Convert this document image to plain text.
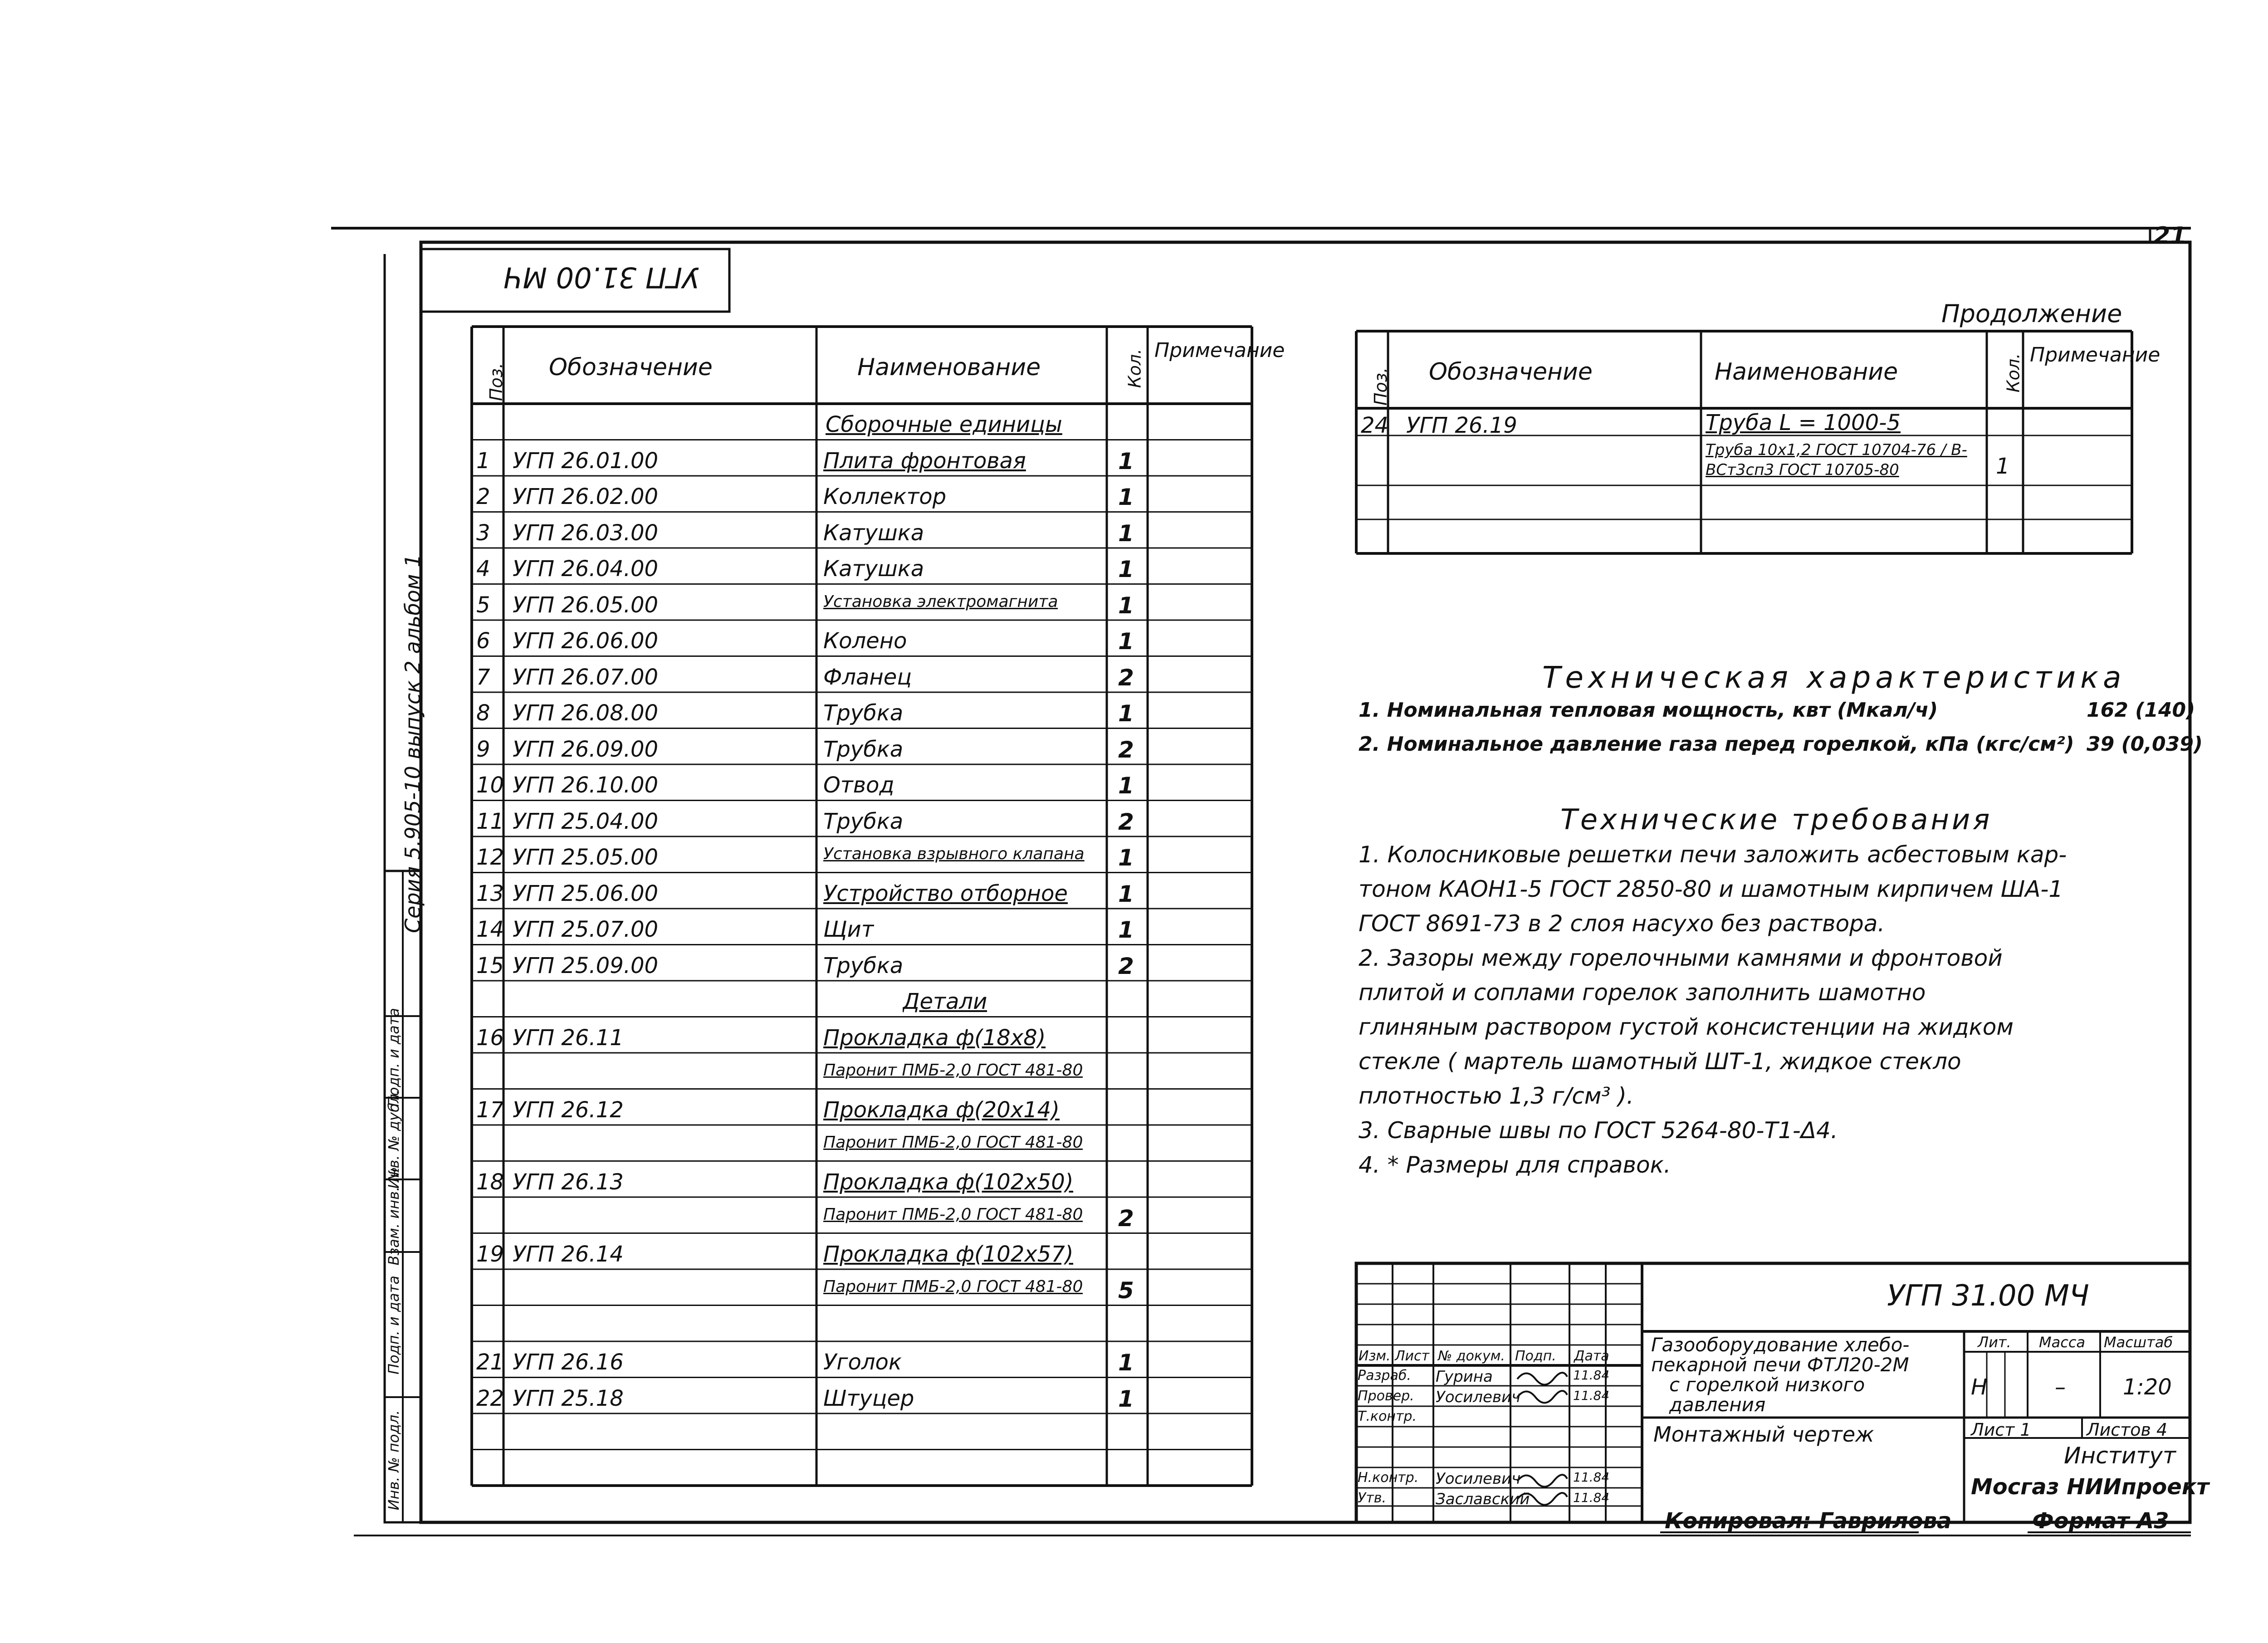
21
УГП 31.00 МЧ
Продолжение
Серия 5.905-10 выпуск 2 альбом 1
Инв. № подл.
Подп. и дата
Взам. инв. №
Инв. № дубл.
Подп. и дата
Поз. Обозначение	Наименование	Кол. Примечание
Сборочные единицы
1 УГП 26.01.00	Плита фронтовая	1
2 УГП 26.02.00	Коллектор	1
3 УГП 26.03.00	Катушка	1
4 УГП 26.04.00	Катушка	1
5 УГП 26.05.00	Установка электромагнита	1
6 УГП 26.06.00	Колено	1
7 УГП 26.07.00	Фланец	2
8 УГП 26.08.00	Трубка	1
9 УГП 26.09.00	Трубка	2
10 УГП 26.10.00	Отвод	1
11 УГП 25.04.00	Трубка	2
12 УГП 25.05.00	Установка взрывного клапана 1
13 УГП 25.06.00	Устройство отборное 1
14 УГП 25.07.00	Щит	1
15 УГП 25.09.00	Трубка	2
Детали
16 УГП 26.11	Прокладка ф(18х8)
Паронит ПМБ-2,0 ГОСТ 481-80
17 УГП 26.12	Прокладка ф(20х14)
Паронит ПМБ-2,0 ГОСТ 481-80
18 УГП 26.13	Прокладка ф(102х50)
Паронит ПМБ-2,0 ГОСТ 481-80 2
19 УГП 26.14	Прокладка ф(102х57)
Паронит ПМБ-2,0 ГОСТ 481-80 5
21 УГП 26.16	Уголок	1
22 УГП 25.18	Штуцер	1
Поз. Обозначение	Наименование	Кол. Примечание
24 УГП 26.19	Труба L = 1000-5
Труба 10х1,2 ГОСТ 10704-76 / В-ВСт3сп3 ГОСТ 10705-80	1
Техническая характеристика
1. Номинальная тепловая мощность, квт (Мкал/ч)	162 (140)
2. Номинальное давление газа перед горелкой, кПа (кгс/см²) 39 (0,039)
Технические требования
1. Колосниковые решетки печи заложить асбестовым кар-
тоном КАОН1-5 ГОСТ 2850-80 и шамотным кирпичем ША-1
ГОСТ 8691-73 в 2 слоя насухо без раствора.
2. Зазоры между горелочными камнями и фронтовой
плитой и соплами горелок заполнить шамотно
глиняным раствором густой консистенции на жидком
стекле ( мартель шамотный ШТ-1, жидкое стекло
плотностью 1,3 г/см³ ).
3. Сварные швы по ГОСТ 5264-80-Т1-Δ4.
4. * Размеры для справок.
УГП 31.00 МЧ
Газооборудование хлебо-
пекарной печи ФТЛ20-2М
с горелкой низкого
давления
Монтажный чертеж
Лит. Масса Масштаб
Н	–	1:20
Лист 1	Листов 4
Институт
Мосгаз НИИпроект
Изм. Лист № докум. Подп. Дата
Разраб. Гурина	11.84
Провер. Уосилевич	11.84
Т.контр.
Н.контр. Уосилевич	11.84
Утв.	Заславский	11.84
Копировал: Гаврилова	Формат А3
